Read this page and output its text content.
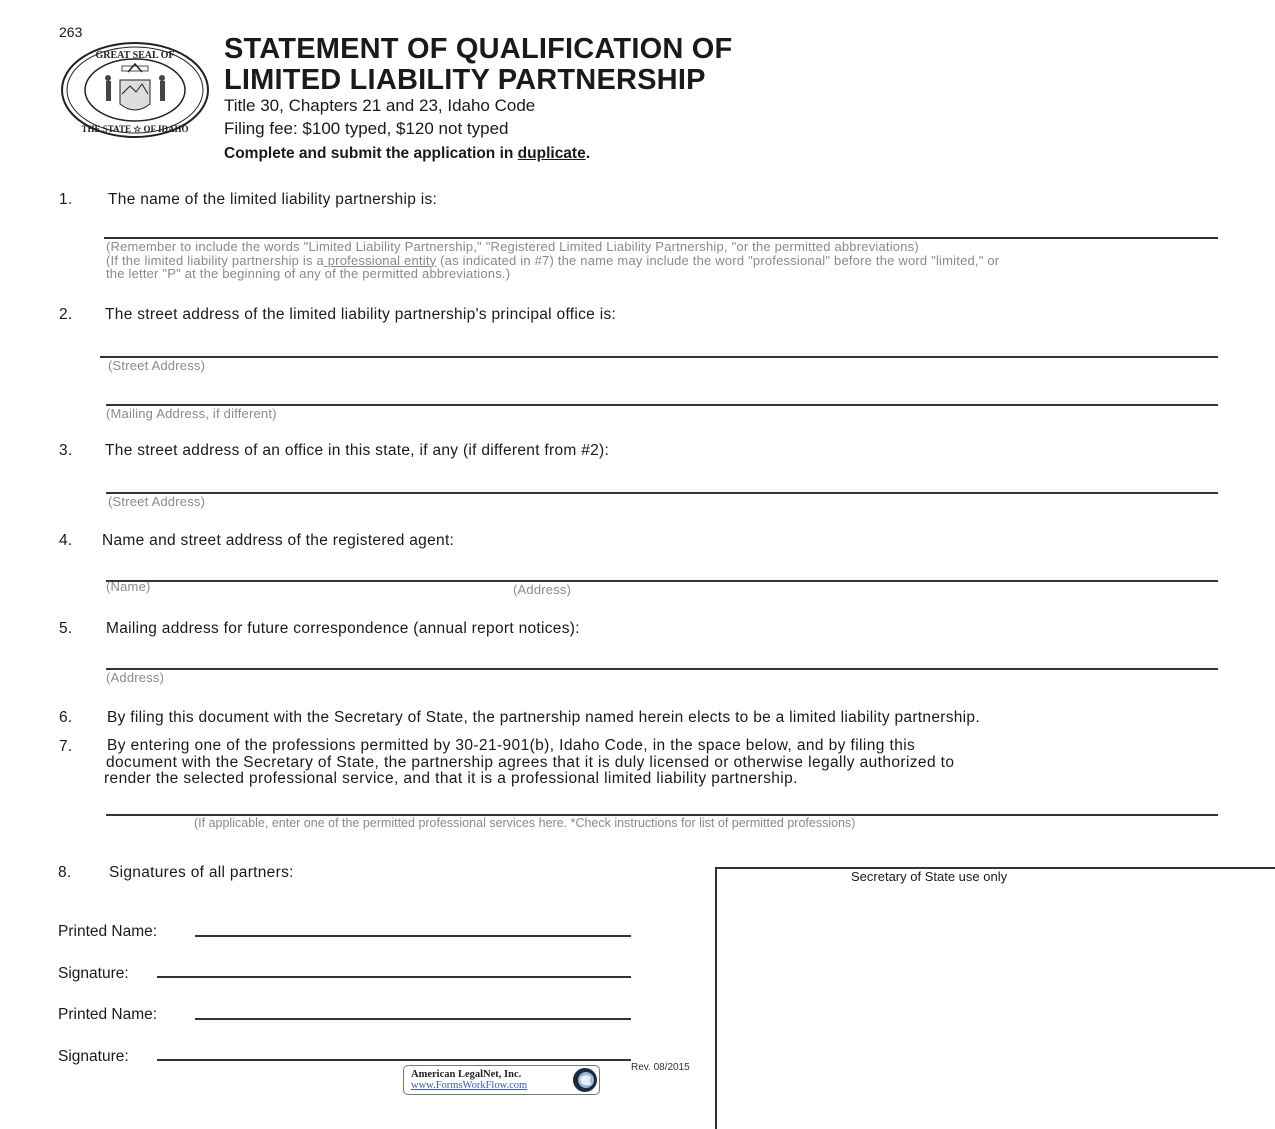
263
GREAT SEAL OF
THE STATE ☆ OF IDAHO
STATEMENT OF QUALIFICATION OF
LIMITED LIABILITY PARTNERSHIP
Title 30, Chapters 21 and 23, Idaho Code
Filing fee: $100 typed, $120 not typed
Complete and submit the application in duplicate.
1. The name of the limited liability partnership is:
(Remember to include the words "Limited Liability Partnership," "Registered Limited Liability Partnership, "or the permitted abbreviations)
(If the limited liability partnership is a professional entity (as indicated in #7) the name may include the word "professional" before the word "limited," or
the letter "P" at the beginning of any of the permitted abbreviations.)
2. The street address of the limited liability partnership's principal office is:
(Street Address)
(Mailing Address, if different)
3. The street address of an office in this state, if any (if different from #2):
(Street Address)
4. Name and street address of the registered agent:
(Name)	(Address)
5. Mailing address for future correspondence (annual report notices):
(Address)
6. By filing this document with the Secretary of State, the partnership named herein elects to be a limited liability partnership.
7. By entering one of the professions permitted by 30-21-901(b), Idaho Code, in the space below, and by filing this
document with the Secretary of State, the partnership agrees that it is duly licensed or otherwise legally authorized to
render the selected professional service, and that it is a professional limited liability partnership.
(If applicable, enter one of the permitted professional services here. *Check instructions for list of permitted professions)
8. Signatures of all partners:
Printed Name:
Signature:
Printed Name:
Signature:
Secretary of State use only
American LegalNet, Inc.
www.FormsWorkFlow.com
Rev. 08/2015
